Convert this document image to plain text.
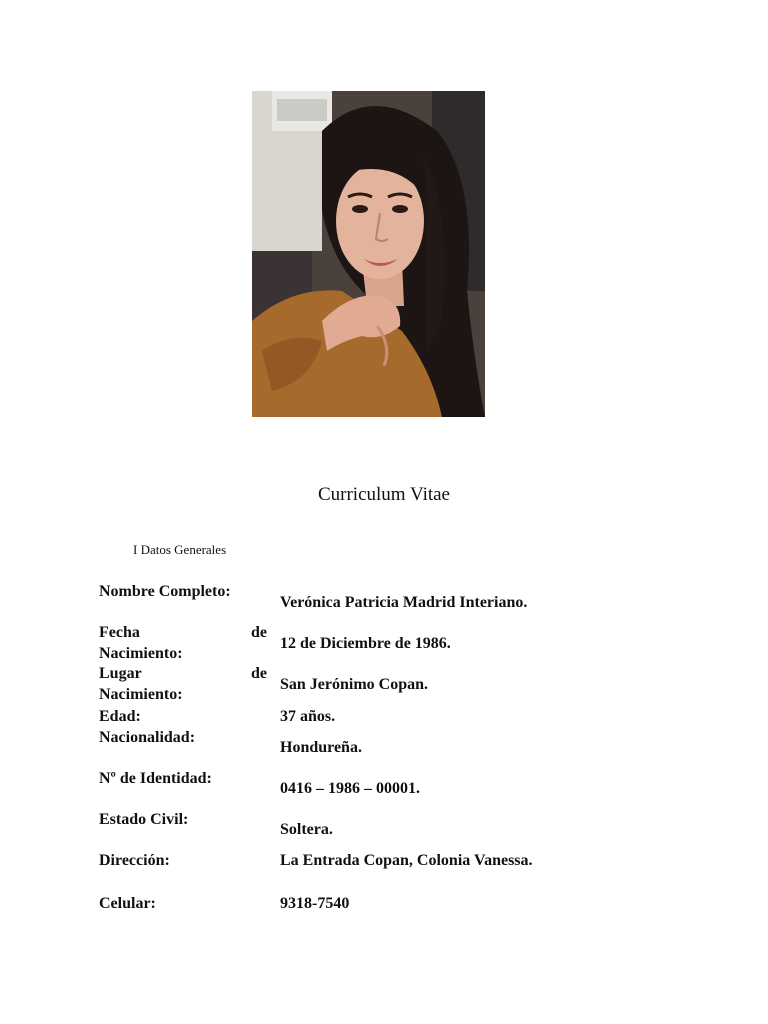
Curriculum Vitae
I Datos Generales
Nombre Completo:
Verónica Patricia Madrid Interiano.
Fecha	de
Nacimiento:
12 de Diciembre de 1986.
Lugar	de
Nacimiento:
San Jerónimo Copan.
Edad:	37 años.
Nacionalidad:
Hondureña.
Nº de Identidad:
0416 – 1986 – 00001.
Estado Civil:
Soltera.
Dirección:	La Entrada Copan, Colonia Vanessa.
Celular:	9318-7540
